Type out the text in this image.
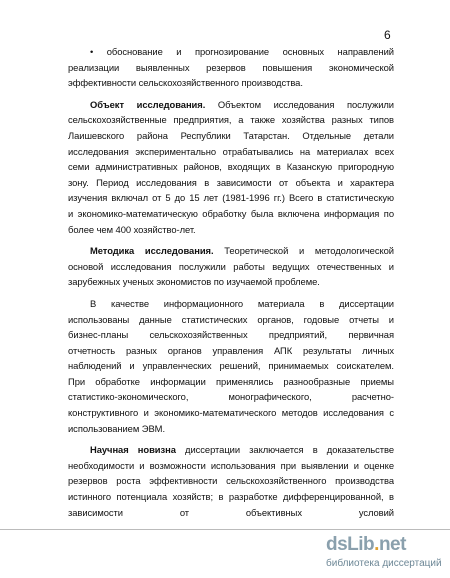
6
• обоснование и прогнозирование основных направлений
реализации выявленных резервов повышения экономической
эффективности сельскохозяйственного производства.
Объект исследования. Объектом исследования послужили
сельскохозяйственные предприятия, а также хозяйства разных типов
Лаишевского района Республики Татарстан. Отдельные детали
исследования экспериментально отрабатывались на материалах всех
семи административных районов, входящих в Казанскую пригородную
зону. Период исследования в зависимости от объекта и характера
изучения включал от 5 до 15 лет (1981-1996 гг.) Всего в статистическую
и экономико-математическую обработку была включена информация по
более чем 400 хозяйство-лет.
Методика исследования. Теоретической и методологической
основой исследования послужили работы ведущих отечественных и
зарубежных ученых экономистов по изучаемой проблеме.
В качестве информационного материала в диссертации
использованы данные статистических органов, годовые отчеты и
бизнес-планы сельскохозяйственных предприятий, первичная
отчетность разных органов управления АПК результаты личных
наблюдений и управленческих решений, принимаемых соискателем.
При обработке информации применялись разнообразные приемы
статистико-экономического, монографического, расчетно-
конструктивного и экономико-математического методов исследования с
использованием ЭВМ.
Научная новизна диссертации заключается в доказательстве
необходимости и возможности использования при выявлении и оценке
резервов роста эффективности сельскохозяйственного производства
истинного потенциала хозяйств; в разработке дифференцированной, в
зависимости от объективных условий
dsLib.net
библиотека диссертаций
